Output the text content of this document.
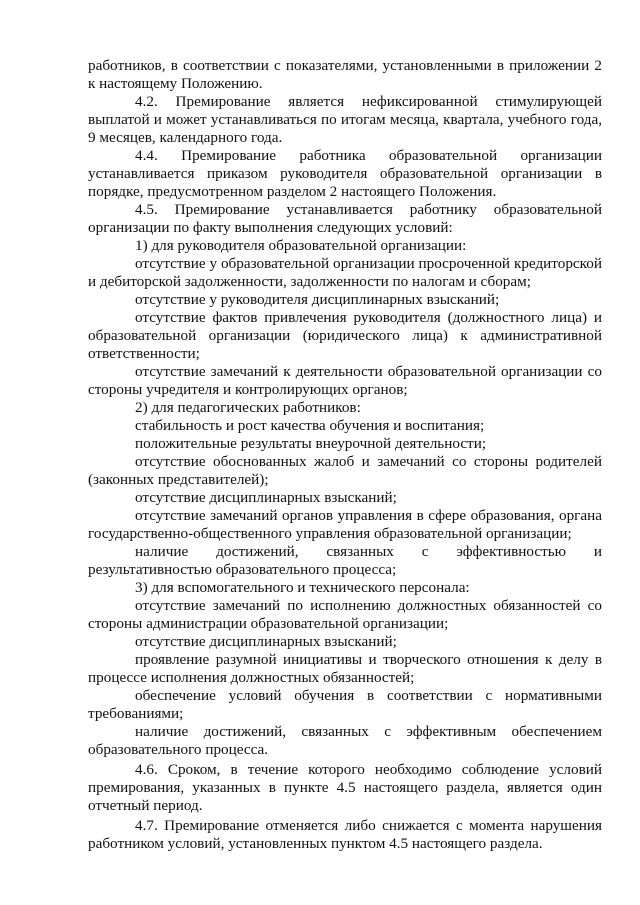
работников, в соответствии с показателями, установленными в приложении 2 к настоящему Положению.

4.2. Премирование является нефиксированной стимулирующей выплатой и может устанавливаться по итогам месяца, квартала, учебного года, 9 месяцев, календарного года.

4.4. Премирование работника образовательной организации устанавливается приказом руководителя образовательной организации в порядке, предусмотренном разделом 2 настоящего Положения.

4.5. Премирование устанавливается работнику образовательной организации по факту выполнения следующих условий:

1) для руководителя образовательной организации:

отсутствие у образовательной организации просроченной кредиторской и дебиторской задолженности, задолженности по налогам и сборам;

отсутствие у руководителя дисциплинарных взысканий;

отсутствие фактов привлечения руководителя (должностного лица) и образовательной организации (юридического лица) к административной ответственности;

отсутствие замечаний к деятельности образовательной организации со стороны учредителя и контролирующих органов;

2) для педагогических работников:

стабильность и рост качества обучения и воспитания;

положительные результаты внеурочной деятельности;

отсутствие обоснованных жалоб и замечаний со стороны родителей (законных представителей);

отсутствие дисциплинарных взысканий;

отсутствие замечаний органов управления в сфере образования, органа государственно-общественного управления образовательной организации;

наличие достижений, связанных с эффективностью и результативностью образовательного процесса;

3) для вспомогательного и технического персонала:

отсутствие замечаний по исполнению должностных обязанностей со стороны администрации образовательной организации;

отсутствие дисциплинарных взысканий;

проявление разумной инициативы и творческого отношения к делу в процессе исполнения должностных обязанностей;

обеспечение условий обучения в соответствии с нормативными требованиями;

наличие достижений, связанных с эффективным обеспечением образовательного процесса.

4.6. Сроком, в течение которого необходимо соблюдение условий премирования, указанных в пункте 4.5 настоящего раздела, является один отчетный период.

4.7. Премирование отменяется либо снижается с момента нарушения работником условий, установленных пунктом 4.5 настоящего раздела.
